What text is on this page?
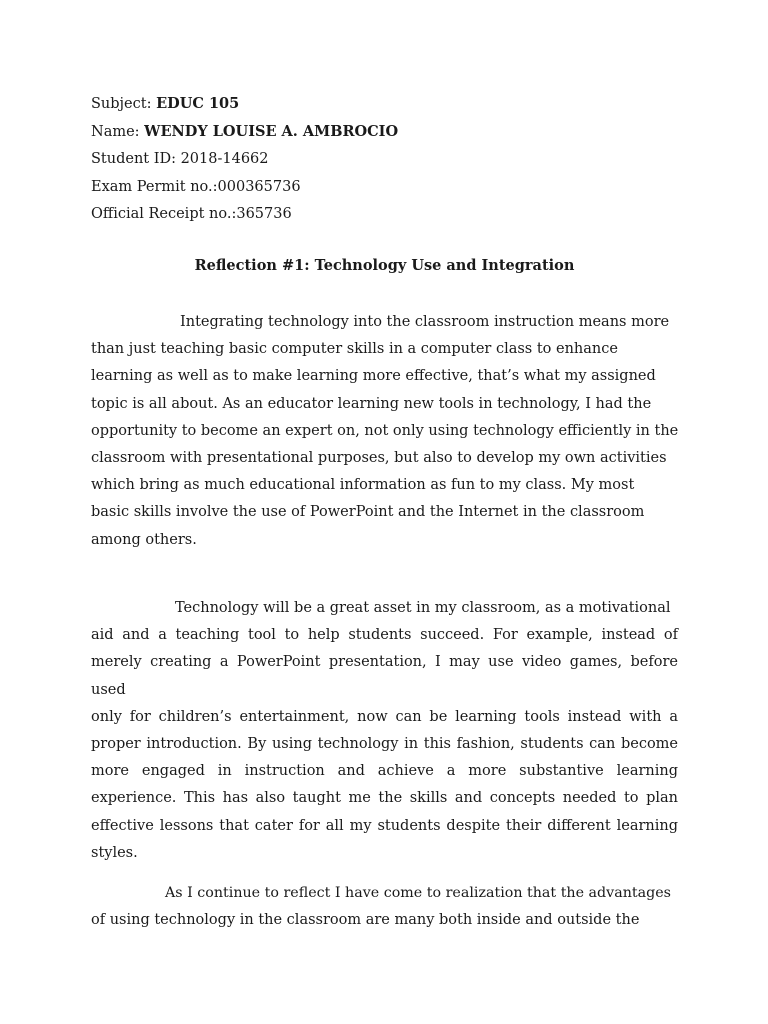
Subject: EDUC 105
Name: WENDY LOUISE A. AMBROCIO
Student ID: 2018-14662
Exam Permit no.:000365736
Official Receipt no.:365736
Reflection #1: Technology Use and Integration
Integrating technology into the classroom instruction means more
than just teaching basic computer skills in a computer class to enhance
learning as well as to make learning more effective, that’s what my assigned
topic is all about. As an educator learning new tools in technology, I had the
opportunity to become an expert on, not only using technology efficiently in the
classroom with presentational purposes, but also to develop my own activities
which bring as much educational information as fun to my class. My most
basic skills involve the use of PowerPoint and the Internet in the classroom
among others.
Technology will be a great asset in my classroom, as a motivational
aid and a teaching tool to help students succeed. For example, instead of
merely creating a PowerPoint presentation, I may use video games, before used
only for children’s entertainment, now can be learning tools instead with a
proper introduction. By using technology in this fashion, students can become
more engaged in instruction and achieve a more substantive learning
experience. This has also taught me the skills and concepts needed to plan
effective lessons that cater for all my students despite their different learning
styles.
As I continue to reflect I have come to realization that the advantages
of using technology in the classroom are many both inside and outside the
